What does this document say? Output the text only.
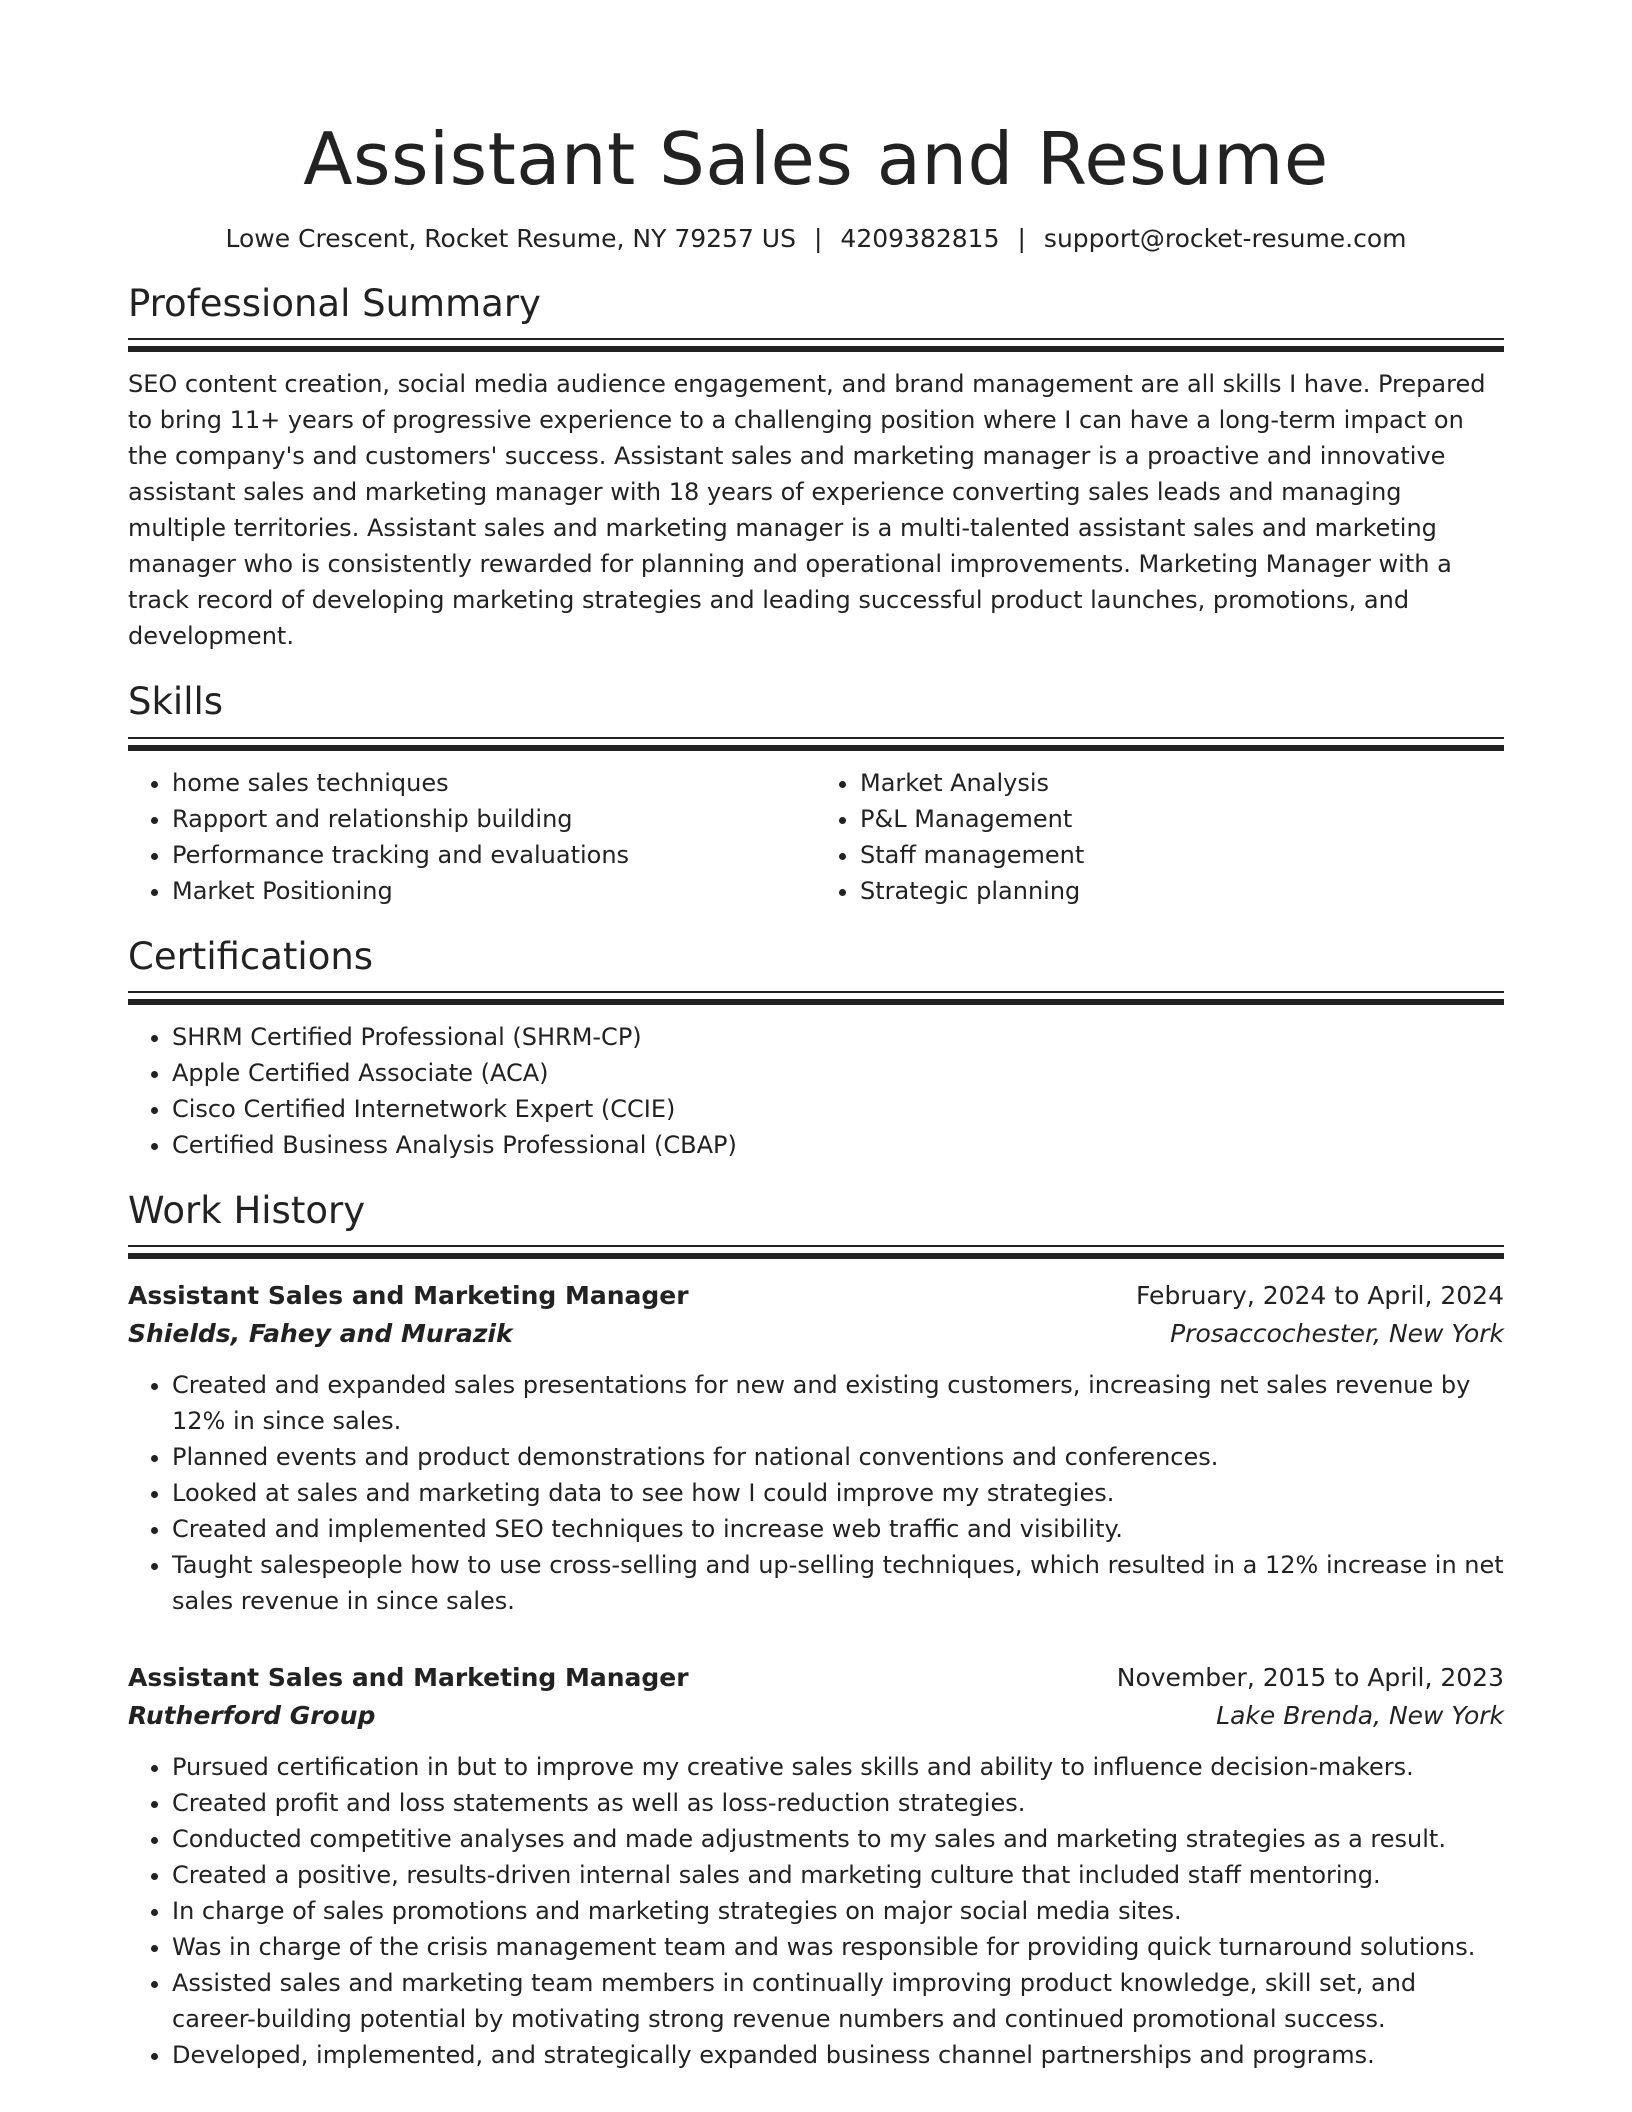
Assistant Sales and Resume
Lowe Crescent, Rocket Resume, NY 79257 US | 4209382815 | support@rocket-resume.com
Professional Summary

SEO content creation, social media audience engagement, and brand management are all skills I have. Prepared to bring 11+ years of progressive experience to a challenging position where I can have a long-term impact on the company's and customers' success. Assistant sales and marketing manager is a proactive and innovative assistant sales and marketing manager with 18 years of experience converting sales leads and managing multiple territories. Assistant sales and marketing manager is a multi-talented assistant sales and marketing manager who is consistently rewarded for planning and operational improvements. Marketing Manager with a track record of developing marketing strategies and leading successful product launches, promotions, and development.

Skills
• home sales techniques
• Rapport and relationship building
• Performance tracking and evaluations
• Market Positioning
• Market Analysis
• P&L Management
• Staff management
• Strategic planning
Certifications
• SHRM Certified Professional (SHRM-CP)
• Apple Certified Associate (ACA)
• Cisco Certified Internetwork Expert (CCIE)
• Certified Business Analysis Professional (CBAP)
Work History
Assistant Sales and Marketing Manager	February, 2024 to April, 2024
Shields, Fahey and Murazik	Prosaccochester, New York
• Created and expanded sales presentations for new and existing customers, increasing net sales revenue by 12% in since sales.
• Planned events and product demonstrations for national conventions and conferences.
• Looked at sales and marketing data to see how I could improve my strategies.
• Created and implemented SEO techniques to increase web traffic and visibility.
• Taught salespeople how to use cross-selling and up-selling techniques, which resulted in a 12% increase in net sales revenue in since sales.
Assistant Sales and Marketing Manager	November, 2015 to April, 2023
Rutherford Group	Lake Brenda, New York
• Pursued certification in but to improve my creative sales skills and ability to influence decision-makers.
• Created profit and loss statements as well as loss-reduction strategies.
• Conducted competitive analyses and made adjustments to my sales and marketing strategies as a result.
• Created a positive, results-driven internal sales and marketing culture that included staff mentoring.
• In charge of sales promotions and marketing strategies on major social media sites.
• Was in charge of the crisis management team and was responsible for providing quick turnaround solutions.
• Assisted sales and marketing team members in continually improving product knowledge, skill set, and career-building potential by motivating strong revenue numbers and continued promotional success.
• Developed, implemented, and strategically expanded business channel partnerships and programs.
